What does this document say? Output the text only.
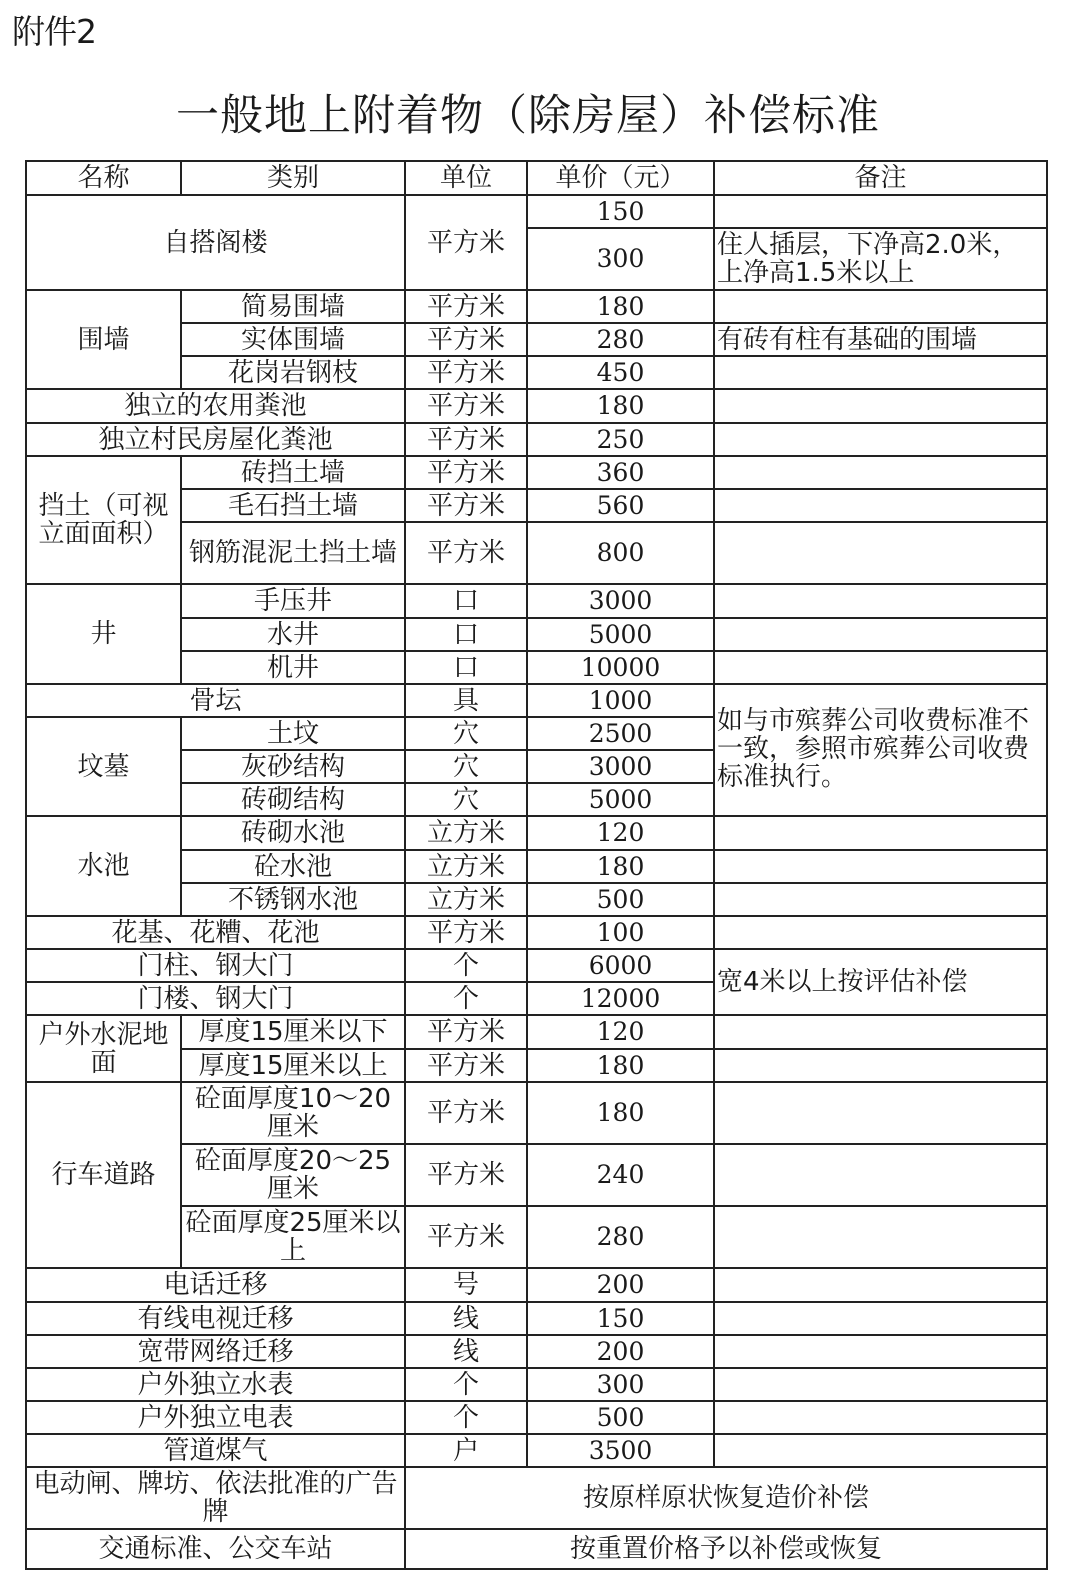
附件2
一般地上附着物（除房屋）补偿标准
名称	类别	单位	单价（元）	备注
自搭阁楼		平方米	150	
			300	住人插层，下净高2.0米，上净高1.5米以上
围墙	简易围墙	平方米	180	
	实体围墙	平方米	280	有砖有柱有基础的围墙
	花岗岩钢枝	平方米	450	
独立的农用粪池		平方米	180	
独立村民房屋化粪池		平方米	250	
挡土（可视立面面积）	砖挡土墙	平方米	360	
	毛石挡土墙	平方米	560	
	钢筋混泥土挡土墙	平方米	800	
井	手压井	口	3000	
	水井	口	5000	
	机井	口	10000	
骨坛		具	1000	如与市殡葬公司收费标准不一致，参照市殡葬公司收费标准执行。
坟墓	土坟	穴	2500	
	灰砂结构	穴	3000	
	砖砌结构	穴	5000	
水池	砖砌水池	立方米	120	
	砼水池	立方米	180	
	不锈钢水池	立方米	500	
花基、花糟、花池		平方米	100	
门柱、钢大门		个	6000	宽4米以上按评估补偿
门楼、钢大门		个	12000	
户外水泥地面	厚度15厘米以下	平方米	120	
	厚度15厘米以上	平方米	180	
行车道路	砼面厚度10～20厘米	平方米	180	
	砼面厚度20～25厘米	平方米	240	
	砼面厚度25厘米以上	平方米	280	
电话迁移		号	200	
有线电视迁移		线	150	
宽带网络迁移		线	200	
户外独立水表		个	300	
户外独立电表		个	500	
管道煤气		户	3500	
电动闸、牌坊、依法批准的广告牌		按原样原状恢复造价补偿		
交通标准、公交车站		按重置价格予以补偿或恢复		
